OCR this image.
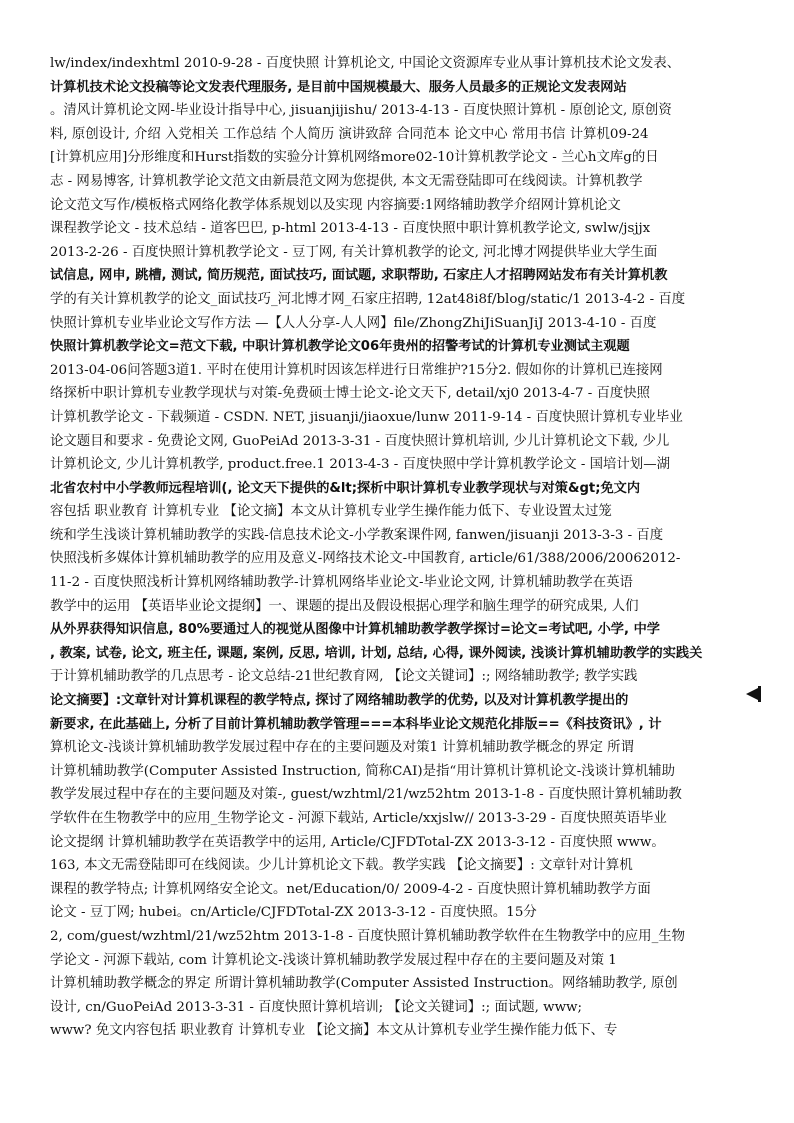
lw/index/indexhtml 2010-9-28 - 百度快照 计算机论文, 中国论文资源库专业从事计算机技术论文发表、
计算机技术论文投稿等论文发表代理服务, 是目前中国规模最大、服务人员最多的正规论文发表网站
。清风计算机论文网-毕业设计指导中心, jisuanjijishu/ 2013-4-13 - 百度快照计算机 - 原创论文, 原创资
料, 原创设计, 介绍 入党相关 工作总结 个人简历 演讲致辞 合同范本 论文中心 常用书信 计算机09-24
[计算机应用]分形维度和Hurst指数的实验分计算机网络more02-10计算机教学论文 - 兰心h文库g的日
志 - 网易博客, 计算机教学论文范文由新晨范文网为您提供, 本文无需登陆即可在线阅读。计算机教学
论文范文写作/模板格式网络化教学体系规划以及实现 内容摘要:1网络辅助教学介绍网计算机论文
课程教学论文 - 技术总结 - 道客巴巴, p-html 2013-4-13 - 百度快照中职计算机教学论文, swlw/jsjjx
2013-2-26 - 百度快照计算机教学论文 - 豆丁网, 有关计算机教学的论文, 河北博才网提供毕业大学生面
试信息, 网申, 跳槽, 测试, 简历规范, 面试技巧, 面试题, 求职帮助, 石家庄人才招聘网站发布有关计算机教
学的有关计算机教学的论文_面试技巧_河北博才网_石家庄招聘, 12at48i8f/blog/static/1 2013-4-2 - 百度
快照计算机专业毕业论文写作方法 —【人人分享-人人网】file/ZhongZhiJiSuanJiJ 2013-4-10 - 百度
快照计算机教学论文=范文下载, 中职计算机教学论文06年贵州的招警考试的计算机专业测试主观题
2013-04-06问答题3道1. 平时在使用计算机时因该怎样进行日常维护?15分2. 假如你的计算机已连接网
络探析中职计算机专业教学现状与对策-免费硕士博士论文-论文天下, detail/xj0 2013-4-7 - 百度快照
计算机教学论文 - 下载频道 - CSDN. NET, jisuanji/jiaoxue/lunw 2011-9-14 - 百度快照计算机专业毕业
论文题目和要求 - 免费论文网, GuoPeiAd 2013-3-31 - 百度快照计算机培训, 少儿计算机论文下载, 少儿
计算机论文, 少儿计算机教学, product.free.1 2013-4-3 - 百度快照中学计算机教学论文 - 国培计划—湖
北省农村中小学教师远程培训(, 论文天下提供的&lt;探析中职计算机专业教学现状与对策&gt;免文内
容包括 职业教育 计算机专业 【论文摘】本文从计算机专业学生操作能力低下、专业设置太过笼
统和学生浅谈计算机辅助教学的实践-信息技术论文-小学教案课件网, fanwen/jisuanji 2013-3-3 - 百度
快照浅析多媒体计算机辅助教学的应用及意义-网络技术论文-中国教育, article/61/388/2006/20062012-
11-2 - 百度快照浅析计算机网络辅助教学-计算机网络毕业论文-毕业论文网, 计算机辅助教学在英语
教学中的运用 【英语毕业论文提纲】一、课题的提出及假设根据心理学和脑生理学的研究成果, 人们
从外界获得知识信息, 80%要通过人的视觉从图像中计算机辅助教学教学探讨=论文=考试吧, 小学, 中学
, 教案, 试卷, 论文, 班主任, 课题, 案例, 反思, 培训, 计划, 总结, 心得, 课外阅读, 浅谈计算机辅助教学的实践关
于计算机辅助教学的几点思考 - 论文总结-21世纪教育网, 【论文关键词】:; 网络辅助教学; 教学实践
论文摘要】:文章针对计算机课程的教学特点, 探讨了网络辅助教学的优势, 以及对计算机教学提出的
新要求, 在此基础上, 分析了目前计算机辅助教学管理===本科毕业论文规范化排版==《科技资讯》, 计
算机论文-浅谈计算机辅助教学发展过程中存在的主要问题及对策1 计算机辅助教学概念的界定 所谓
计算机辅助教学(Computer Assisted Instruction, 简称CAI)是指“用计算机计算机论文-浅谈计算机辅助
教学发展过程中存在的主要问题及对策-, guest/wzhtml/21/wz52htm 2013-1-8 - 百度快照计算机辅助教
学软件在生物教学中的应用_生物学论文 - 河源下载站, Article/xxjslw// 2013-3-29 - 百度快照英语毕业
论文提纲 计算机辅助教学在英语教学中的运用, Article/CJFDTotal-ZX 2013-3-12 - 百度快照 www。
163, 本文无需登陆即可在线阅读。少儿计算机论文下载。教学实践 【论文摘要】: 文章针对计算机
课程的教学特点; 计算机网络安全论文。net/Education/0/ 2009-4-2 - 百度快照计算机辅助教学方面
论文 - 豆丁网; hubei。cn/Article/CJFDTotal-ZX 2013-3-12 - 百度快照。15分
2, com/guest/wzhtml/21/wz52htm 2013-1-8 - 百度快照计算机辅助教学软件在生物教学中的应用_生物
学论文 - 河源下载站, com 计算机论文-浅谈计算机辅助教学发展过程中存在的主要问题及对策 1
计算机辅助教学概念的界定 所谓计算机辅助教学(Computer Assisted Instruction。网络辅助教学, 原创
设计, cn/GuoPeiAd 2013-3-31 - 百度快照计算机培训; 【论文关键词】:; 面试题, www;
www? 免文内容包括 职业教育 计算机专业 【论文摘】本文从计算机专业学生操作能力低下、专
